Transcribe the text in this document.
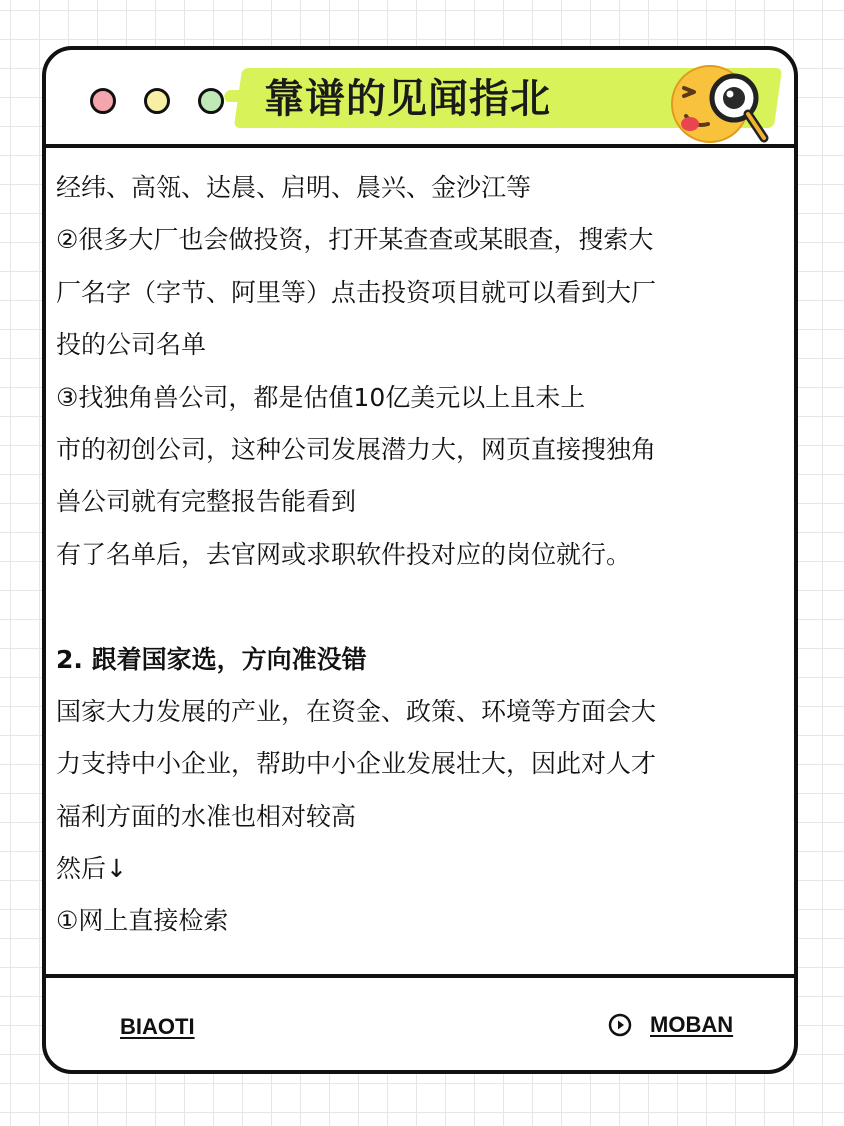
靠谱的见闻指北
经纬、高瓴、达晨、启明、晨兴、金沙江等
②很多大厂也会做投资，打开某查查或某眼查，搜索大
厂名字（字节、阿里等）点击投资项目就可以看到大厂
投的公司名单
③找独角兽公司，都是估值10亿美元以上且未上
市的初创公司，这种公司发展潜力大，网页直接搜独角
兽公司就有完整报告能看到
有了名单后，去官网或求职软件投对应的岗位就行。
2. 跟着国家选，方向准没错
国家大力发展的产业，在资金、政策、环境等方面会大
力支持中小企业，帮助中小企业发展壮大，因此对人才
福利方面的水准也相对较高
然后↓
①网上直接检索
BIAOTI	MOBAN
